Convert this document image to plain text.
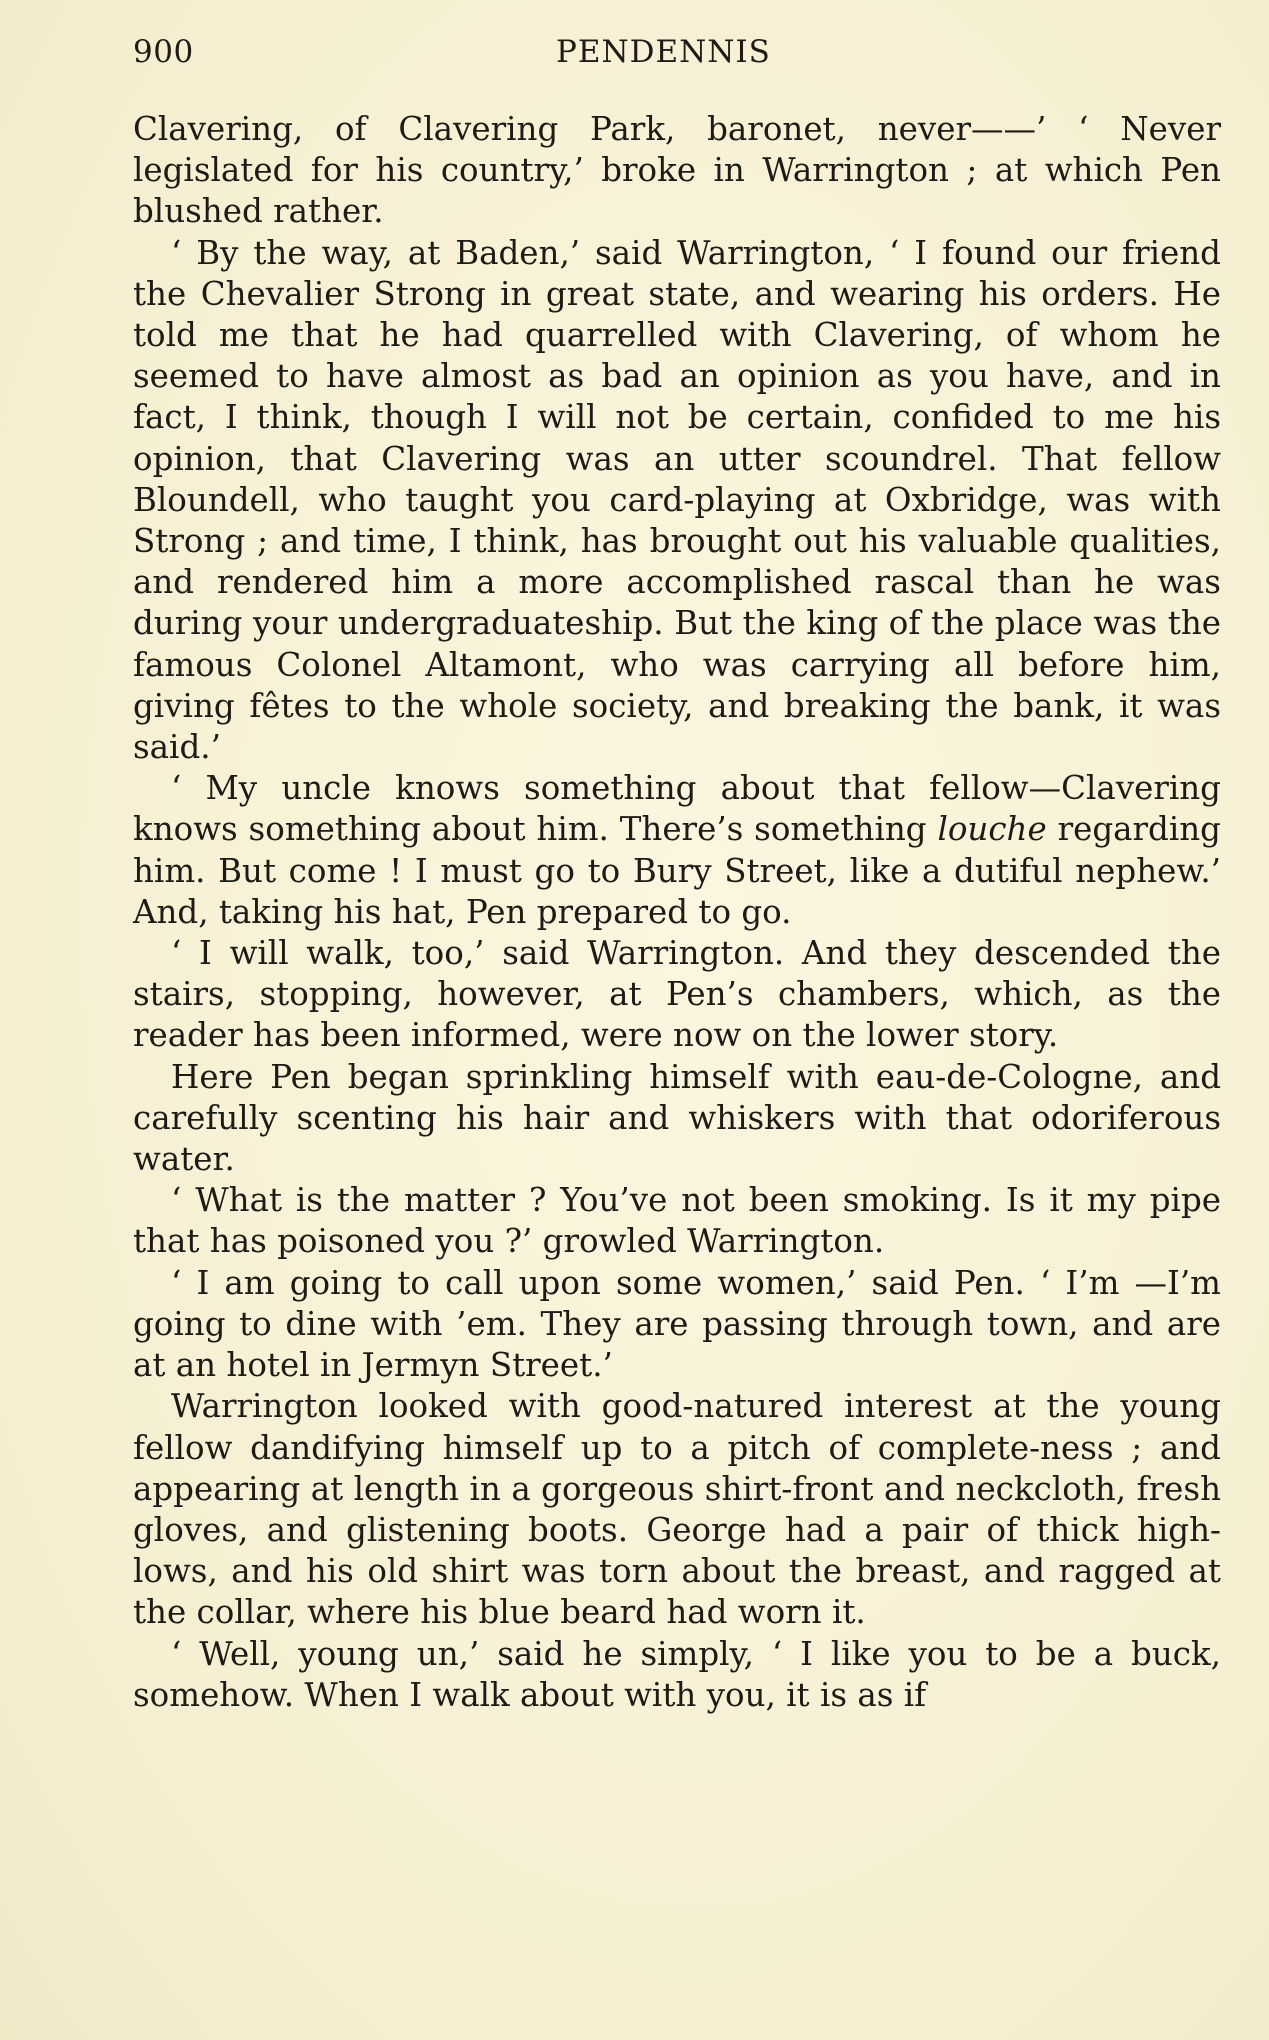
900	PENDENNIS

Clavering, of Clavering Park, baronet, never——’ ‘ Never legislated for his country,’ broke in Warrington ; at which Pen blushed rather.

‘ By the way, at Baden,’ said Warrington, ‘ I found our friend the Chevalier Strong in great state, and wearing his orders. He told me that he had quarrelled with Clavering, of whom he seemed to have almost as bad an opinion as you have, and in fact, I think, though I will not be certain, confided to me his opinion, that Clavering was an utter scoundrel. That fellow Bloundell, who taught you card-playing at Oxbridge, was with Strong ; and time, I think, has brought out his valuable qualities, and rendered him a more accomplished rascal than he was during your undergraduateship. But the king of the place was the famous Colonel Altamont, who was carrying all before him, giving fêtes to the whole society, and breaking the bank, it was said.’

‘ My uncle knows something about that fellow—Clavering knows something about him. There’s something louche regarding him. But come ! I must go to Bury Street, like a dutiful nephew.’ And, taking his hat, Pen prepared to go.

‘ I will walk, too,’ said Warrington. And they descended the stairs, stopping, however, at Pen’s chambers, which, as the reader has been informed, were now on the lower story.

Here Pen began sprinkling himself with eau-de-Cologne, and carefully scenting his hair and whiskers with that odoriferous water.

‘ What is the matter ? You’ve not been smoking. Is it my pipe that has poisoned you ?’ growled Warrington.

‘ I am going to call upon some women,’ said Pen. ‘ I’m —I’m going to dine with ’em. They are passing through town, and are at an hotel in Jermyn Street.’

Warrington looked with good-natured interest at the young fellow dandifying himself up to a pitch of complete-ness ; and appearing at length in a gorgeous shirt-front and neckcloth, fresh gloves, and glistening boots. George had a pair of thick high-lows, and his old shirt was torn about the breast, and ragged at the collar, where his blue beard had worn it.

‘ Well, young un,’ said he simply, ‘ I like you to be a buck, somehow. When I walk about with you, it is as if
